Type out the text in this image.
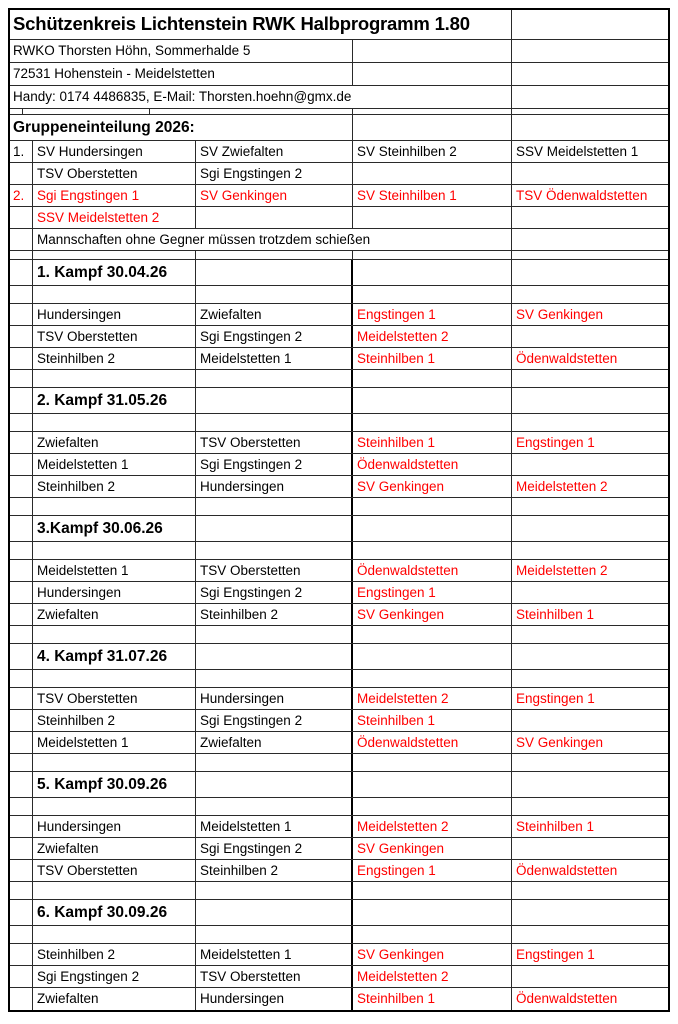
Schützenkreis Lichtenstein RWK Halbprogramm 1.80
RWKO Thorsten Höhn, Sommerhalde 5
72531 Hohenstein - Meidelstetten
Handy: 0174 4486835, E-Mail: Thorsten.hoehn@gmx.de
Gruppeneinteilung 2026:
1. SV Hundersingen	SV Zwiefalten	SV Steinhilben 2	SSV Meidelstetten 1
TSV Oberstetten	Sgi Engstingen 2
2. Sgi Engstingen 1	SV Genkingen	SV Steinhilben 1	TSV Ödenwaldstetten
SSV Meidelstetten 2
Mannschaften ohne Gegner müssen trotzdem schießen
1. Kampf 30.04.26
Hundersingen	Zwiefalten	Engstingen 1	SV Genkingen
TSV Oberstetten	Sgi Engstingen 2	Meidelstetten 2
Steinhilben 2	Meidelstetten 1	Steinhilben 1	Ödenwaldstetten
2. Kampf 31.05.26
Zwiefalten	TSV Oberstetten	Steinhilben 1	Engstingen 1
Meidelstetten 1	Sgi Engstingen 2	Ödenwaldstetten
Steinhilben 2	Hundersingen	SV Genkingen	Meidelstetten 2
3.Kampf 30.06.26
Meidelstetten 1	TSV Oberstetten	Ödenwaldstetten	Meidelstetten 2
Hundersingen	Sgi Engstingen 2	Engstingen 1
Zwiefalten	Steinhilben 2	SV Genkingen	Steinhilben 1
4. Kampf 31.07.26
TSV Oberstetten	Hundersingen	Meidelstetten 2	Engstingen 1
Steinhilben 2	Sgi Engstingen 2	Steinhilben 1
Meidelstetten 1	Zwiefalten	Ödenwaldstetten	SV Genkingen
5. Kampf 30.09.26
Hundersingen	Meidelstetten 1	Meidelstetten 2	Steinhilben 1
Zwiefalten	Sgi Engstingen 2	SV Genkingen
TSV Oberstetten	Steinhilben 2	Engstingen 1	Ödenwaldstetten
6. Kampf 30.09.26
Steinhilben 2	Meidelstetten 1	SV Genkingen	Engstingen 1
Sgi Engstingen 2	TSV Oberstetten	Meidelstetten 2
Zwiefalten	Hundersingen	Steinhilben 1	Ödenwaldstetten
